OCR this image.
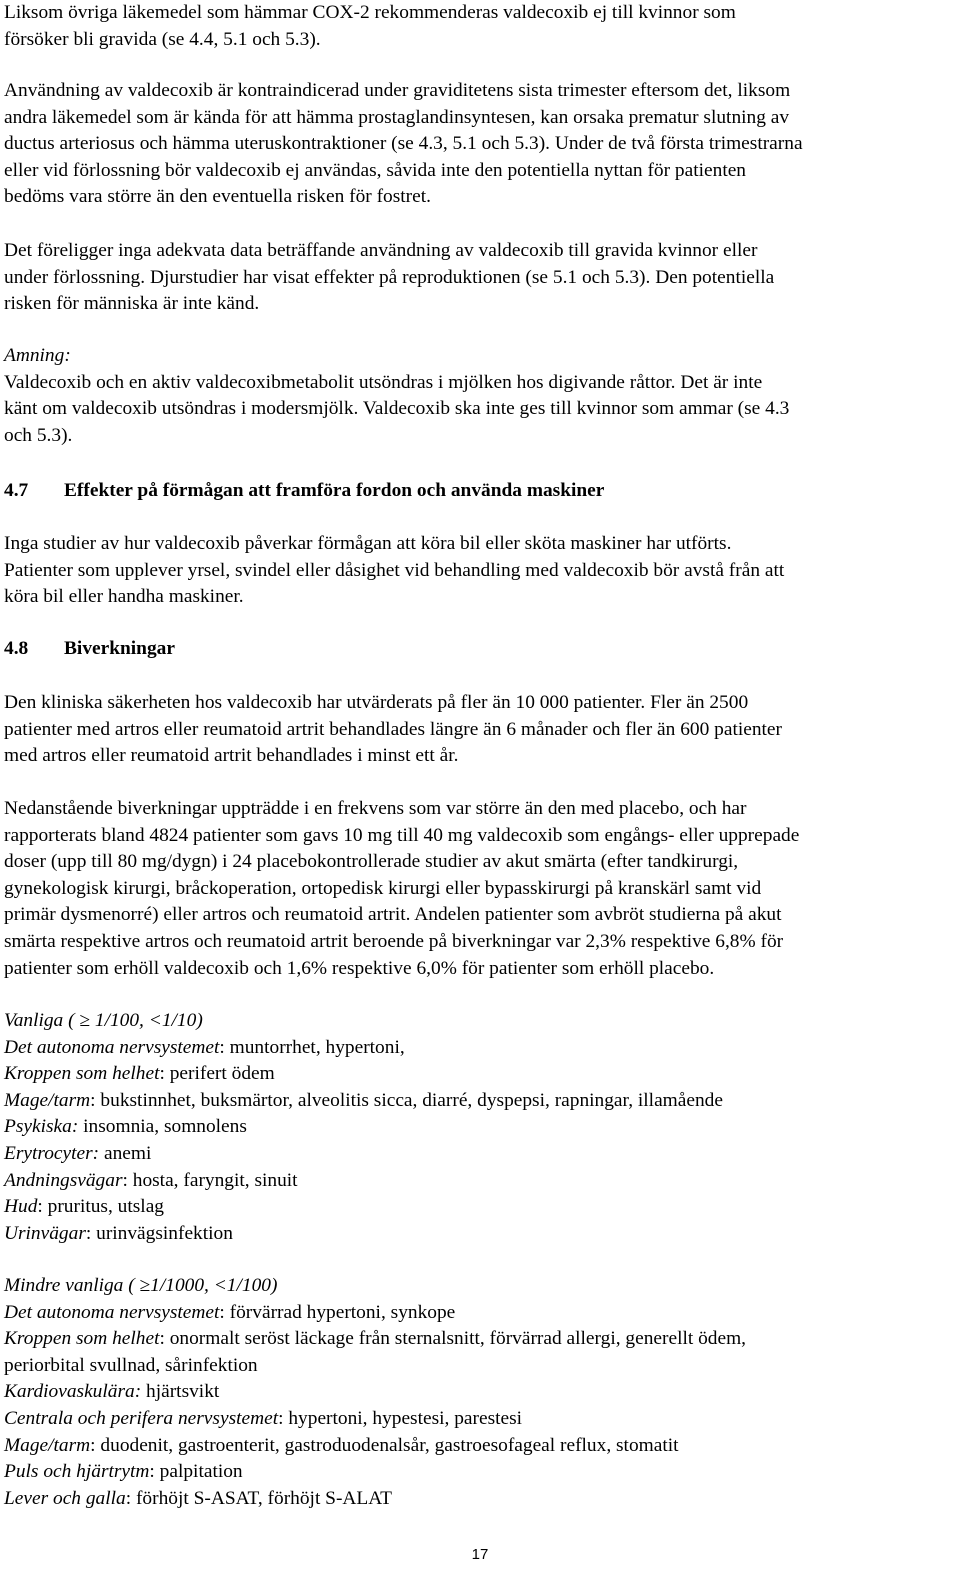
Liksom övriga läkemedel som hämmar COX-2 rekommenderas valdecoxib ej till kvinnor som
försöker bli gravida (se 4.4, 5.1 och 5.3).
Användning av valdecoxib är kontraindicerad under graviditetens sista trimester eftersom det, liksom
andra läkemedel som är kända för att hämma prostaglandinsyntesen, kan orsaka prematur slutning av
ductus arteriosus och hämma uteruskontraktioner (se 4.3, 5.1 och 5.3). Under de två första trimestrarna
eller vid förlossning bör valdecoxib ej användas, såvida inte den potentiella nyttan för patienten
bedöms vara större än den eventuella risken för fostret.
Det föreligger inga adekvata data beträffande användning av valdecoxib till gravida kvinnor eller
under förlossning. Djurstudier har visat effekter på reproduktionen (se 5.1 och 5.3). Den potentiella
risken för människa är inte känd.
Amning:
Valdecoxib och en aktiv valdecoxibmetabolit utsöndras i mjölken hos digivande råttor. Det är inte
känt om valdecoxib utsöndras i modersmjölk. Valdecoxib ska inte ges till kvinnor som ammar (se 4.3
och 5.3).
4.7 Effekter på förmågan att framföra fordon och använda maskiner
Inga studier av hur valdecoxib påverkar förmågan att köra bil eller sköta maskiner har utförts.
Patienter som upplever yrsel, svindel eller dåsighet vid behandling med valdecoxib bör avstå från att
köra bil eller handha maskiner.
4.8 Biverkningar
Den kliniska säkerheten hos valdecoxib har utvärderats på fler än 10 000 patienter. Fler än 2500
patienter med artros eller reumatoid artrit behandlades längre än 6 månader och fler än 600 patienter
med artros eller reumatoid artrit behandlades i minst ett år.
Nedanstående biverkningar uppträdde i en frekvens som var större än den med placebo, och har
rapporterats bland 4824 patienter som gavs 10 mg till 40 mg valdecoxib som engångs- eller upprepade
doser (upp till 80 mg/dygn) i 24 placebokontrollerade studier av akut smärta (efter tandkirurgi,
gynekologisk kirurgi, bråckoperation, ortopedisk kirurgi eller bypasskirurgi på kranskärl samt vid
primär dysmenorré) eller artros och reumatoid artrit. Andelen patienter som avbröt studierna på akut
smärta respektive artros och reumatoid artrit beroende på biverkningar var 2,3% respektive 6,8% för
patienter som erhöll valdecoxib och 1,6% respektive 6,0% för patienter som erhöll placebo.
Vanliga ( ≥ 1/100, <1/10)
Det autonoma nervsystemet: muntorrhet, hypertoni,
Kroppen som helhet: perifert ödem
Mage/tarm: bukstinnhet, buksmärtor, alveolitis sicca, diarré, dyspepsi, rapningar, illamående
Psykiska: insomnia, somnolens
Erytrocyter: anemi
Andningsvägar: hosta, faryngit, sinuit
Hud: pruritus, utslag
Urinvägar: urinvägsinfektion
Mindre vanliga ( ≥1/1000, <1/100)
Det autonoma nervsystemet: förvärrad hypertoni, synkope
Kroppen som helhet: onormalt seröst läckage från sternalsnitt, förvärrad allergi, generellt ödem,
periorbital svullnad, sårinfektion
Kardiovaskulära: hjärtsvikt
Centrala och perifera nervsystemet: hypertoni, hypestesi, parestesi
Mage/tarm: duodenit, gastroenterit, gastroduodenalsår, gastroesofageal reflux, stomatit
Puls och hjärtrytm: palpitation
Lever och galla: förhöjt S-ASAT, förhöjt S-ALAT
17
